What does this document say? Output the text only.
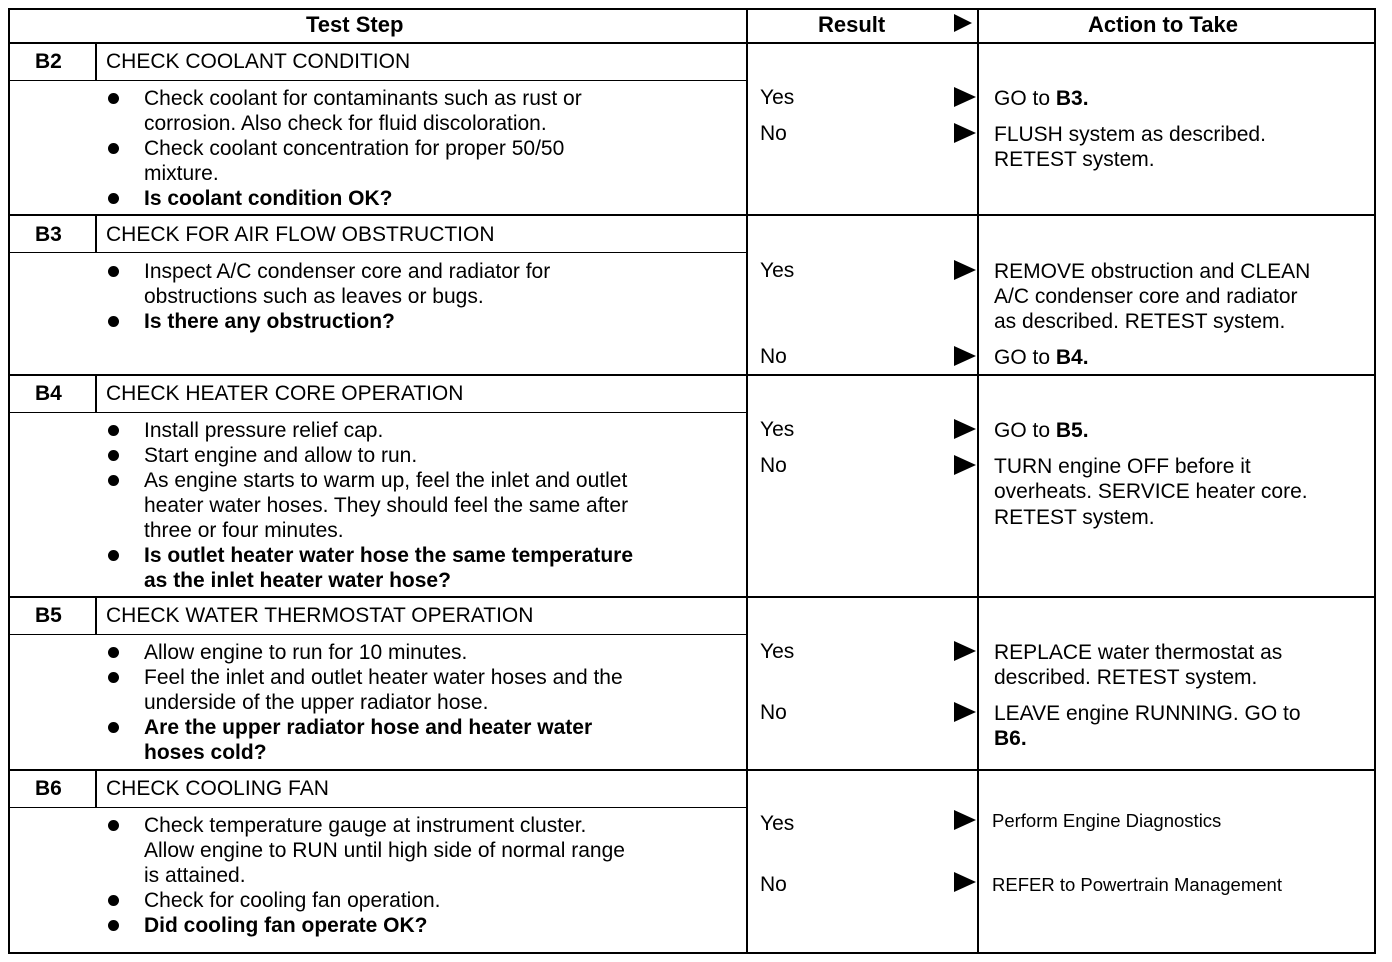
Test Step	Result	Action to Take
B2 CHECK COOLANT CONDITION
Check coolant for contaminants such as rust or
corrosion. Also check for fluid discoloration.
Check coolant concentration for proper 50/50
mixture.
Is coolant condition OK?
Yes	GO to B3.
No	FLUSH system as described.
RETEST system.
B3 CHECK FOR AIR FLOW OBSTRUCTION
Inspect A/C condenser core and radiator for
obstructions such as leaves or bugs.
Is there any obstruction?
Yes	REMOVE obstruction and CLEAN
A/C condenser core and radiator
as described. RETEST system.
No	GO to B4.
B4 CHECK HEATER CORE OPERATION
Install pressure relief cap.
Start engine and allow to run.
As engine starts to warm up, feel the inlet and outlet
heater water hoses. They should feel the same after
three or four minutes.
Is outlet heater water hose the same temperature
as the inlet heater water hose?
Yes	GO to B5.
No	TURN engine OFF before it
overheats. SERVICE heater core.
RETEST system.
B5 CHECK WATER THERMOSTAT OPERATION
Allow engine to run for 10 minutes.
Feel the inlet and outlet heater water hoses and the
underside of the upper radiator hose.
Are the upper radiator hose and heater water
hoses cold?
Yes	REPLACE water thermostat as
described. RETEST system.
No	LEAVE engine RUNNING. GO to
B6.
B6 CHECK COOLING FAN
Check temperature gauge at instrument cluster.
Allow engine to RUN until high side of normal range
is attained.
Check for cooling fan operation.
Did cooling fan operate OK?
Yes	Perform Engine Diagnostics
No	REFER to Powertrain Management
